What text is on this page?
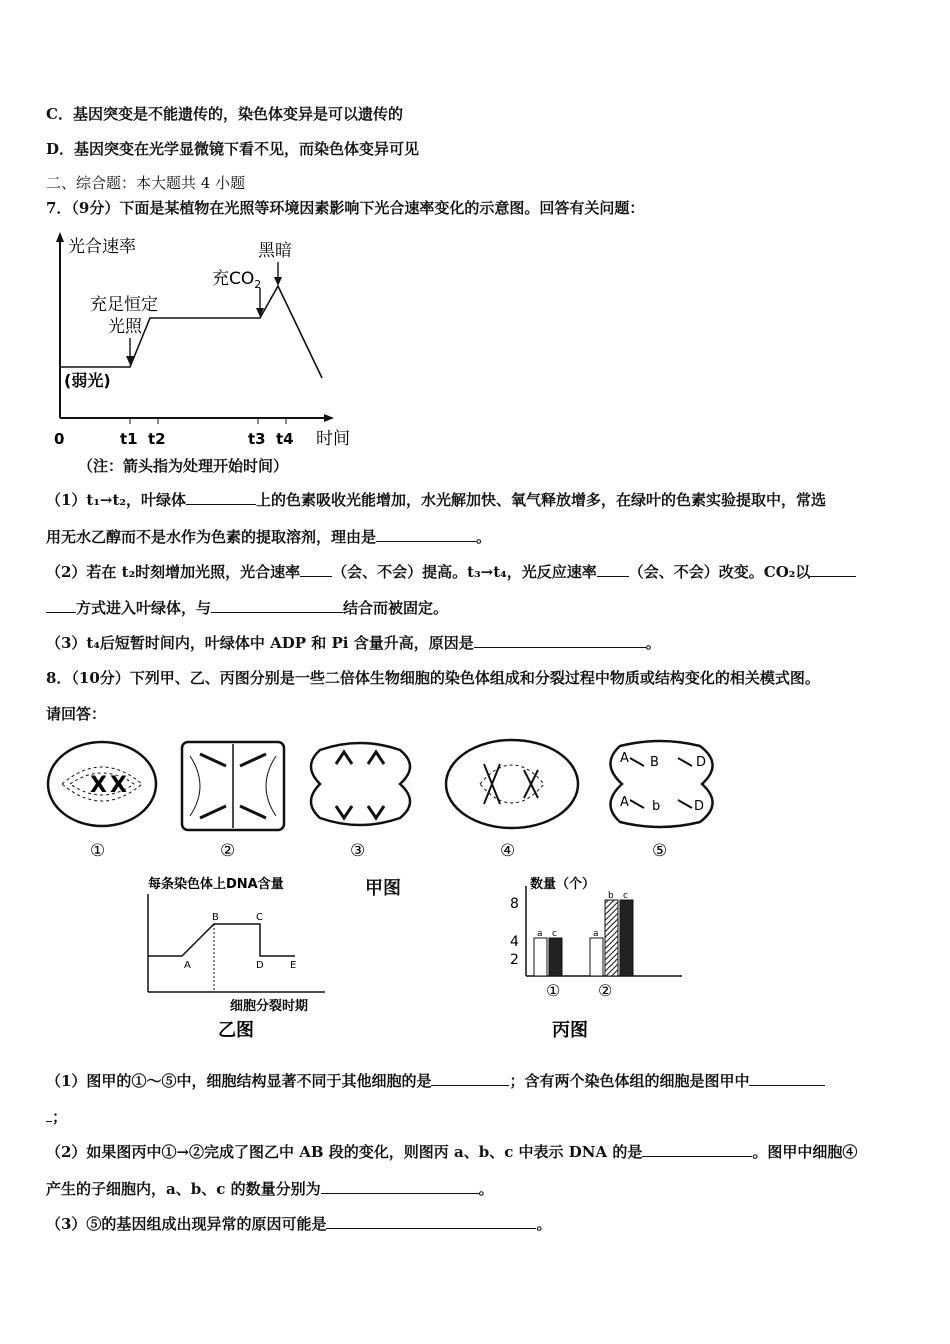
C．基因突变是不能遗传的，染色体变异是可以遗传的
D．基因突变在光学显微镜下看不见，而染色体变异可见
二、综合题：本大题共 4 小题
7．（9分）下面是某植物在光照等环境因素影响下光合速率变化的示意图。回答有关问题：
光合速率
时间
0	t1 t2	t3 t4
(弱光)
充足恒定
光照
充$CO_2$
黑暗
（注：箭头指为处理开始时间）
（1）t₁→t₂，叶绿体	上的色素吸收光能增加，水光解加快、氧气释放增多，在绿叶的色素实验提取中，常选
用无水乙醇而不是水作为色素的提取溶剂，理由是	。
（2）若在 t₂时刻增加光照，光合速率 （会、不会）提高。t₃→t₄，光反应速率 （会、不会）改变。CO₂以
方式进入叶绿体，与	结合而被固定。
（3）t₄后短暂时间内，叶绿体中 ADP 和 Pi 含量升高，原因是	。
8．（10分）下列甲、乙、丙图分别是一些二倍体生物细胞的染色体组成和分裂过程中物质或结构变化的相关模式图。
请回答：
X X
A B	D
A b	D
①	②	③	④	⑤
每条染色体上DNA含量
A
B	C
D	E
细胞分裂时期
乙图
甲图	数量（个）
8
4
2
a c	a
b c
① ②
丙图
（1）图甲的①～⑤中，细胞结构显著不同于其他细胞的是	；含有两个染色体组的细胞是图甲中
；
（2）如果图丙中①→②完成了图乙中 AB 段的变化，则图丙 a、b、c 中表示 DNA 的是	。图甲中细胞④
产生的子细胞内，a、b、c 的数量分别为	。
（3）⑤的基因组成出现异常的原因可能是	。
